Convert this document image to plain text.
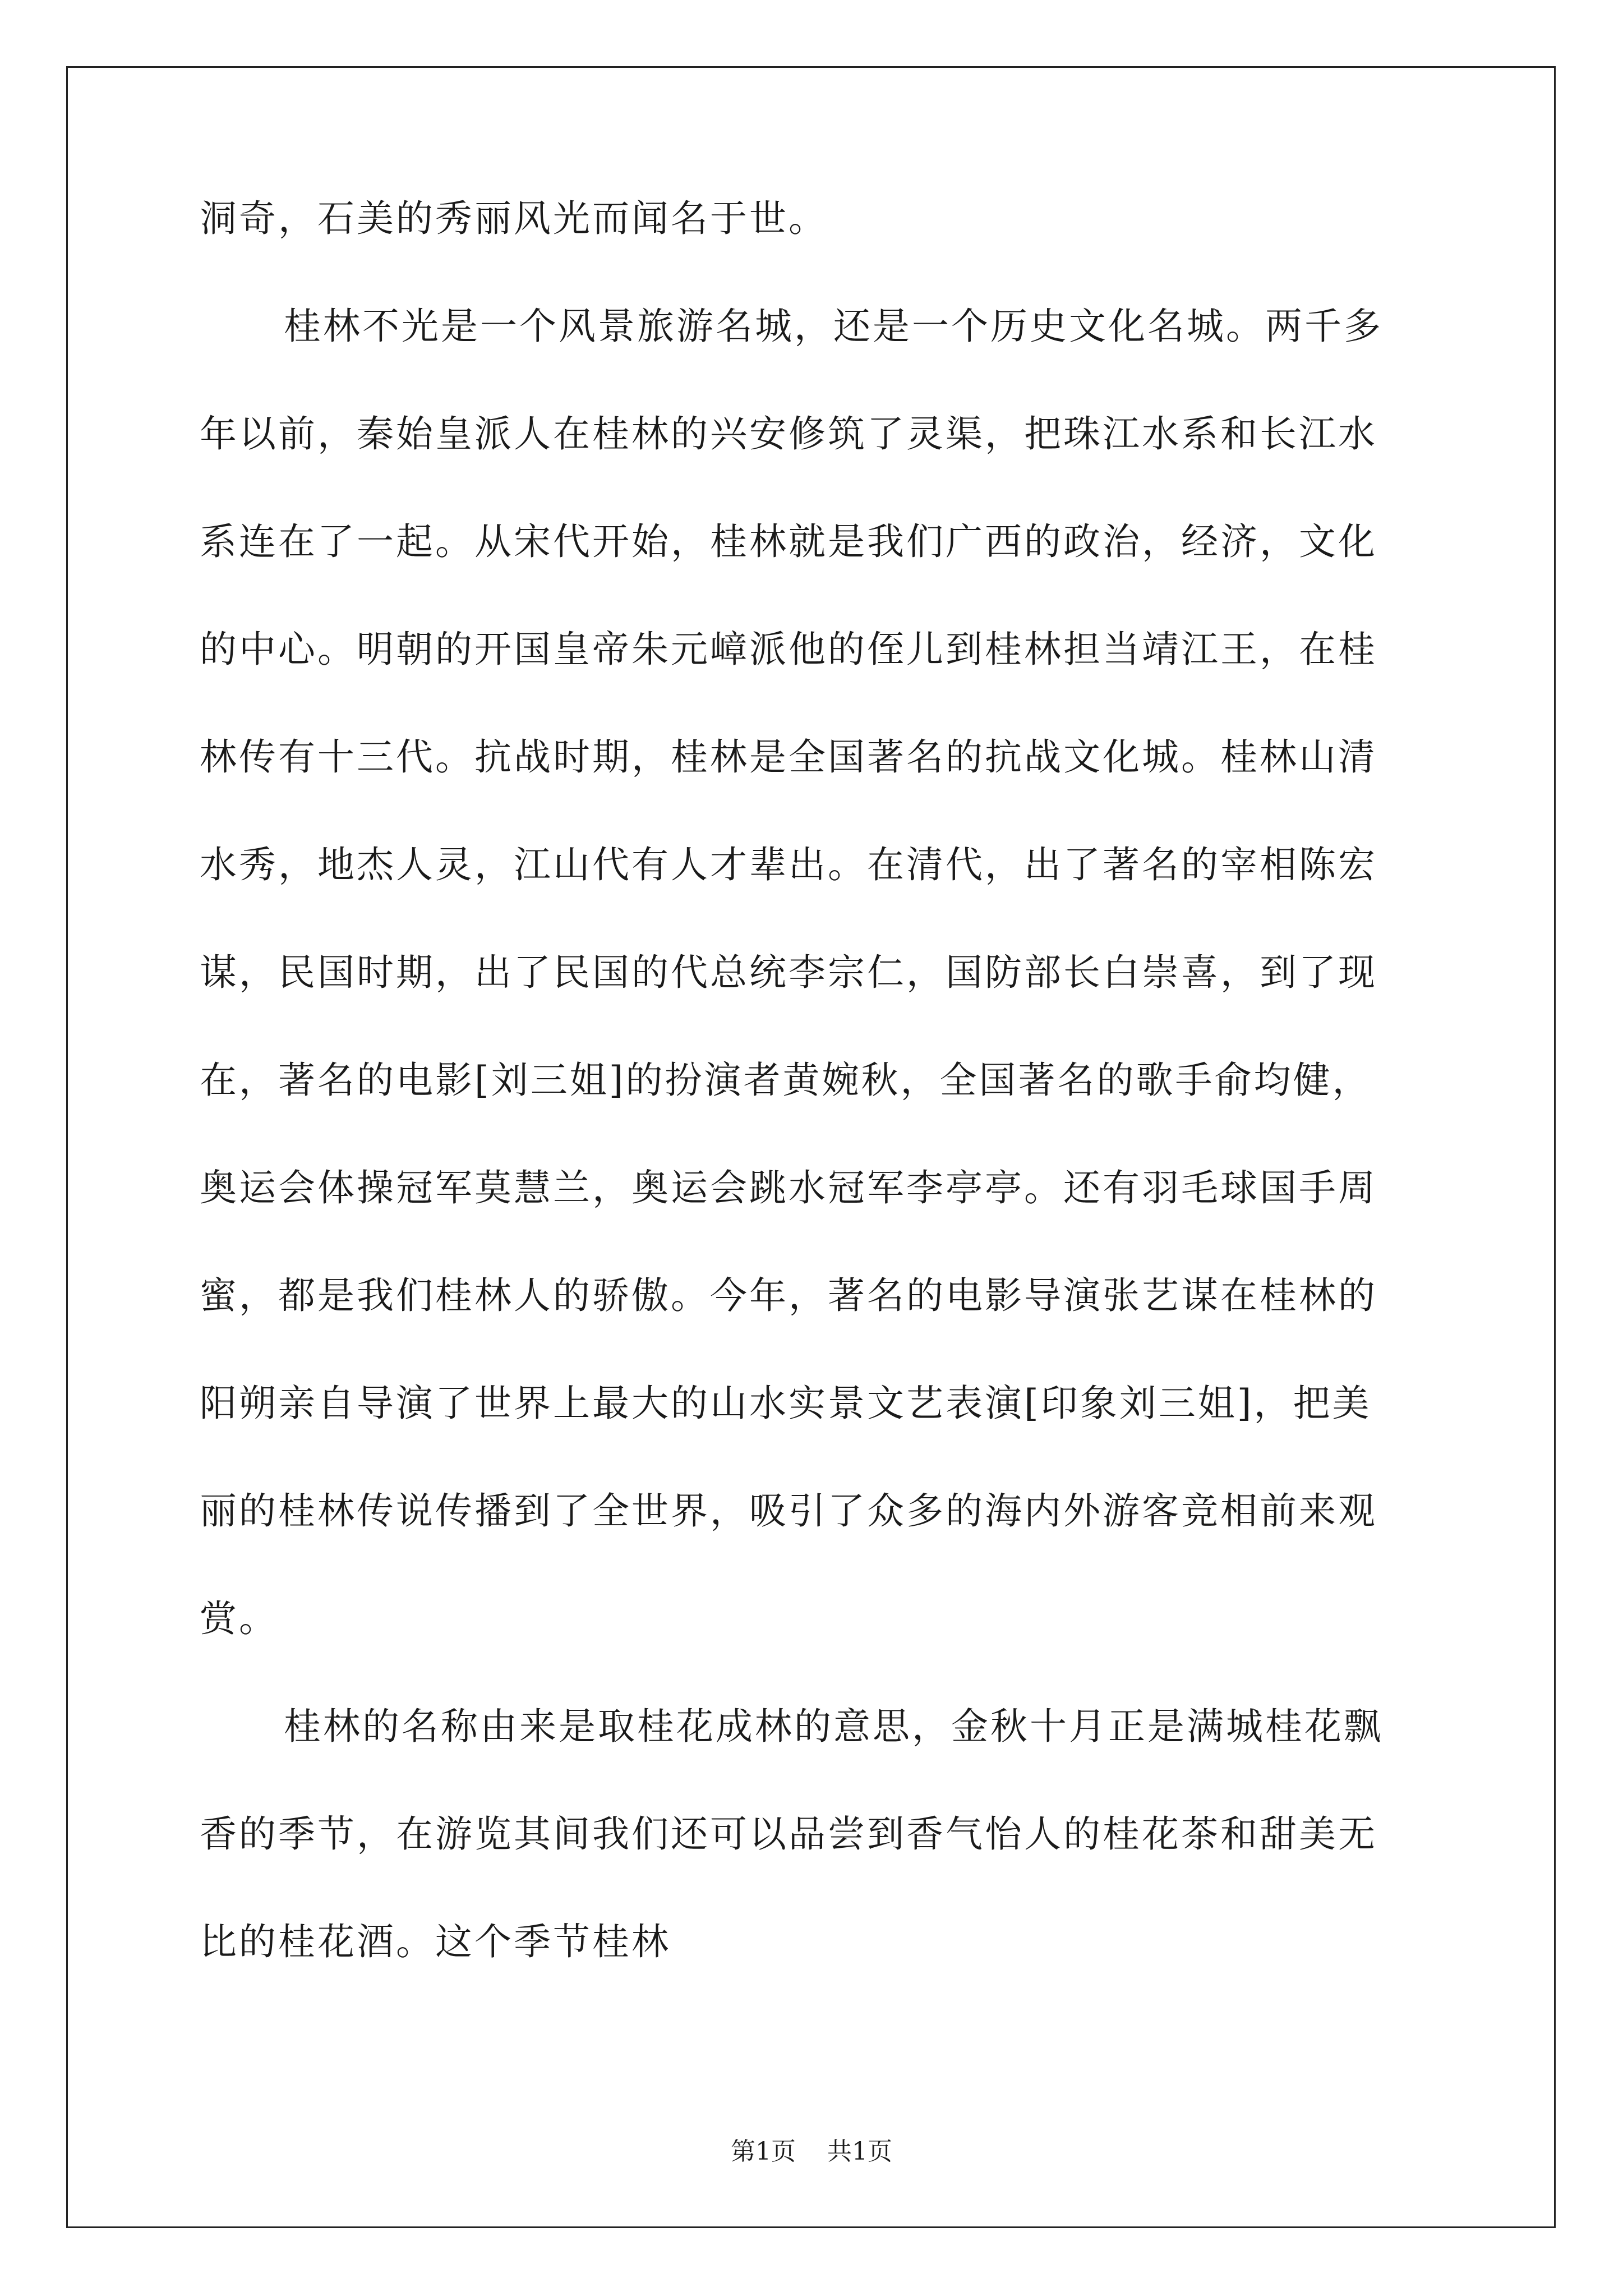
洞奇，石美的秀丽风光而闻名于世。
桂林不光是一个风景旅游名城，还是一个历史文化名城。两千多
年以前，秦始皇派人在桂林的兴安修筑了灵渠，把珠江水系和长江水
系连在了一起。从宋代开始，桂林就是我们广西的政治，经济，文化
的中心。明朝的开国皇帝朱元嶂派他的侄儿到桂林担当靖江王，在桂
林传有十三代。抗战时期，桂林是全国著名的抗战文化城。桂林山清
水秀，地杰人灵，江山代有人才辈出。在清代，出了著名的宰相陈宏
谋，民国时期，出了民国的代总统李宗仁，国防部长白崇喜，到了现
在，著名的电影[刘三姐]的扮演者黄婉秋，全国著名的歌手俞均健，
奥运会体操冠军莫慧兰，奥运会跳水冠军李亭亭。还有羽毛球国手周
蜜，都是我们桂林人的骄傲。今年，著名的电影导演张艺谋在桂林的
阳朔亲自导演了世界上最大的山水实景文艺表演[印象刘三姐]，把美
丽的桂林传说传播到了全世界，吸引了众多的海内外游客竞相前来观
赏。
桂林的名称由来是取桂花成林的意思，金秋十月正是满城桂花飘
香的季节，在游览其间我们还可以品尝到香气怡人的桂花茶和甜美无
比的桂花酒。这个季节桂林
第1页    共1页
